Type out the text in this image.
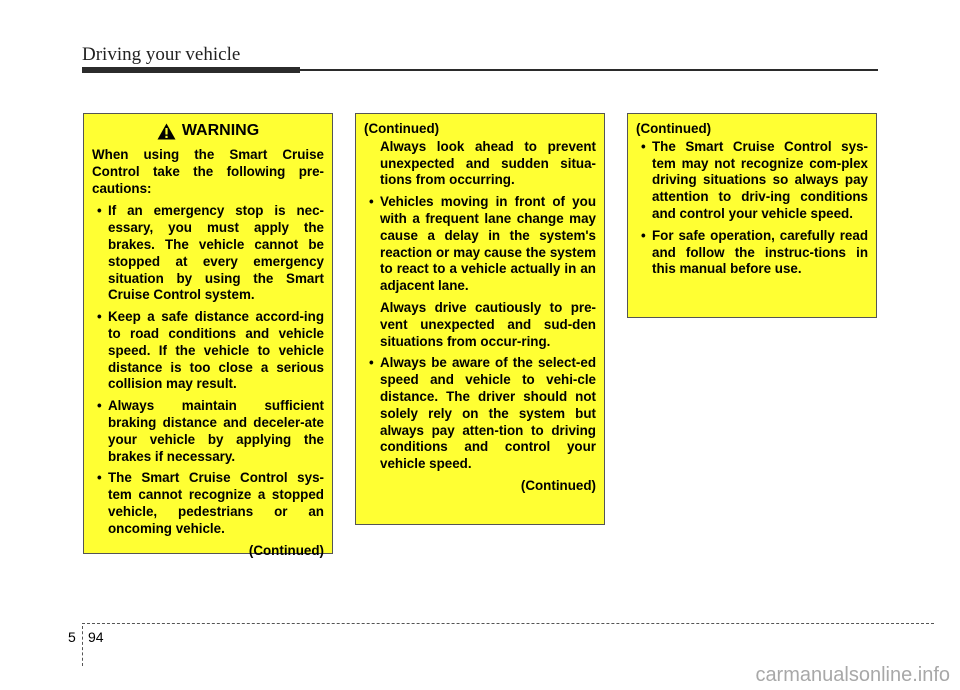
Driving your vehicle
WARNING

When using the Smart Cruise Control take the following pre-cautions:

• If an emergency stop is nec-essary, you must apply the brakes. The vehicle cannot be stopped at every emergency situation by using the Smart Cruise Control system.
• Keep a safe distance accord-ing to road conditions and vehicle speed. If the vehicle to vehicle distance is too close a serious collision may result.
• Always maintain sufficient braking distance and deceler-ate your vehicle by applying the brakes if necessary.
• The Smart Cruise Control sys-tem cannot recognize a stopped vehicle, pedestrians or an oncoming vehicle.

(Continued)

(Continued)

Always look ahead to prevent unexpected and sudden situa-tions from occurring.

• Vehicles moving in front of you with a frequent lane change may cause a delay in the system's reaction or may cause the system to react to a vehicle actually in an adjacent lane.

Always drive cautiously to pre-vent unexpected and sud-den situations from occur-ring.

• Always be aware of the select-ed speed and vehicle to vehi-cle distance. The driver should not solely rely on the system but always pay atten-tion to driving conditions and control your vehicle speed.

(Continued)

(Continued)

• The Smart Cruise Control sys-tem may not recognize com-plex driving situations so always pay attention to driv-ing conditions and control your vehicle speed.
• For safe operation, carefully read and follow the instruc-tions in this manual before use.
5 94
carmanualsonline.info
